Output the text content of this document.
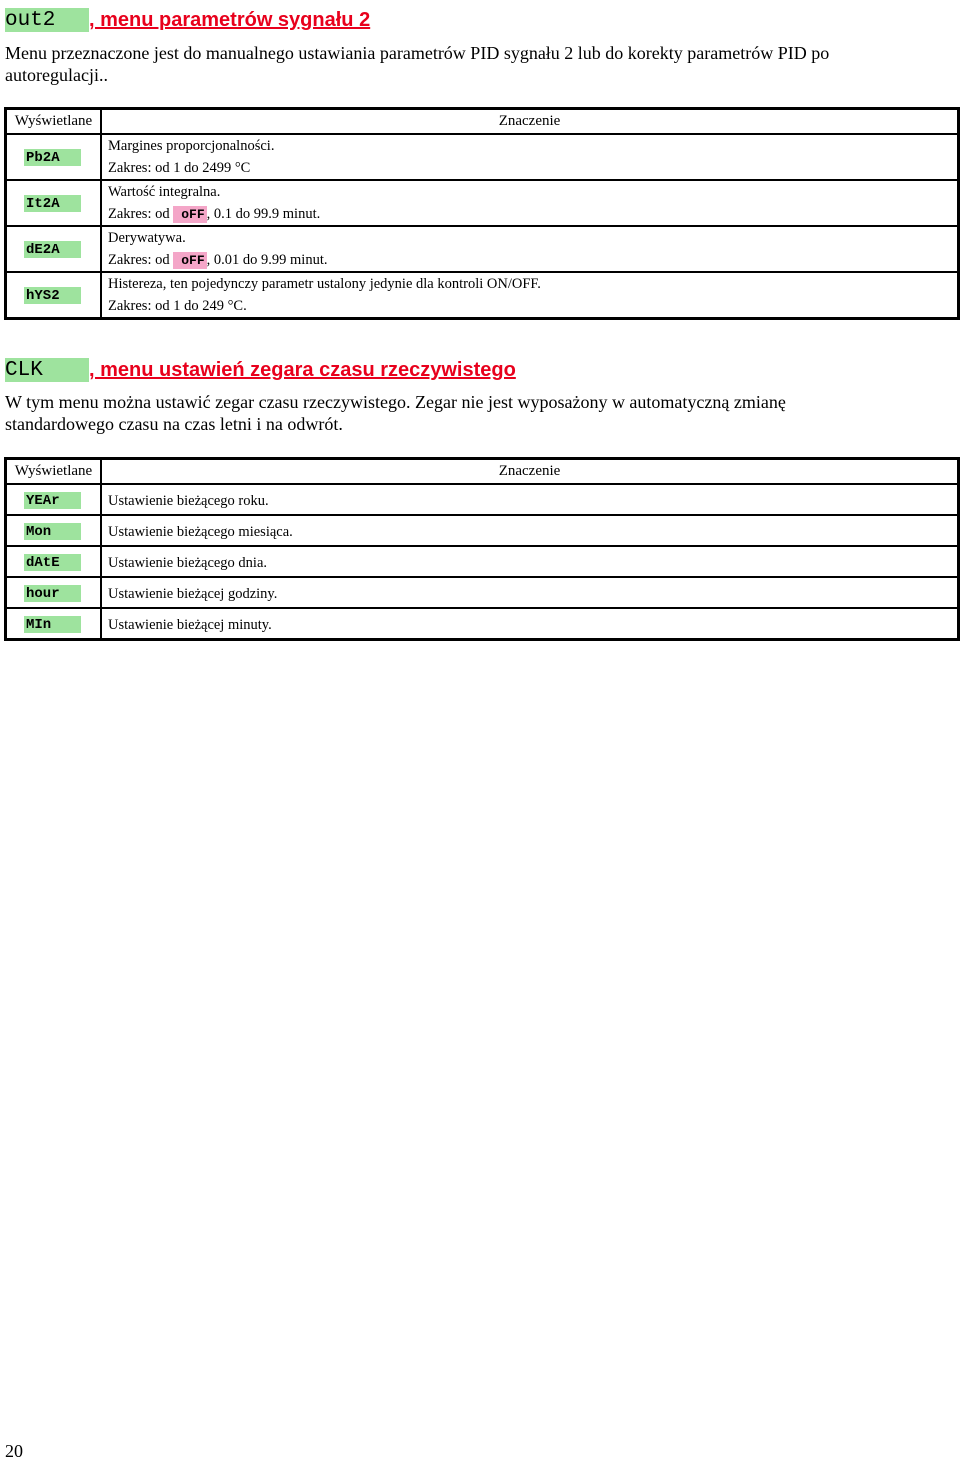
out2 , menu parametrów sygnału 2
Menu przeznaczone jest do manualnego ustawiania parametrów PID sygnału 2 lub do korekty parametrów PID po autoregulacji..
Wyświetlane	Znaczenie
Pb2A	Margines proporcjonalności.
Zakres: od 1 do 2499 °C

It2A	Wartość integralna.
Zakres: od oFF , 0.1 do 99.9 minut.

dE2A	Derywatywa.
Zakres: od oFF , 0.01 do 9.99 minut.

hYS2	Histereza, ten pojedynczy parametr ustalony jedynie dla kontroli ON/OFF.
Zakres: od 1 do 249 °C.
CLK , menu ustawień zegara czasu rzeczywistego
W tym menu można ustawić zegar czasu rzeczywistego. Zegar nie jest wyposażony w automatyczną zmianę standardowego czasu na czas letni i na odwrót.
Wyświetlane	Znaczenie
YEAr	Ustawienie bieżącego roku.
Mon	Ustawienie bieżącego miesiąca.
dAtE	Ustawienie bieżącego dnia.
hour	Ustawienie bieżącej godziny.
MIn	Ustawienie bieżącej minuty.
20
